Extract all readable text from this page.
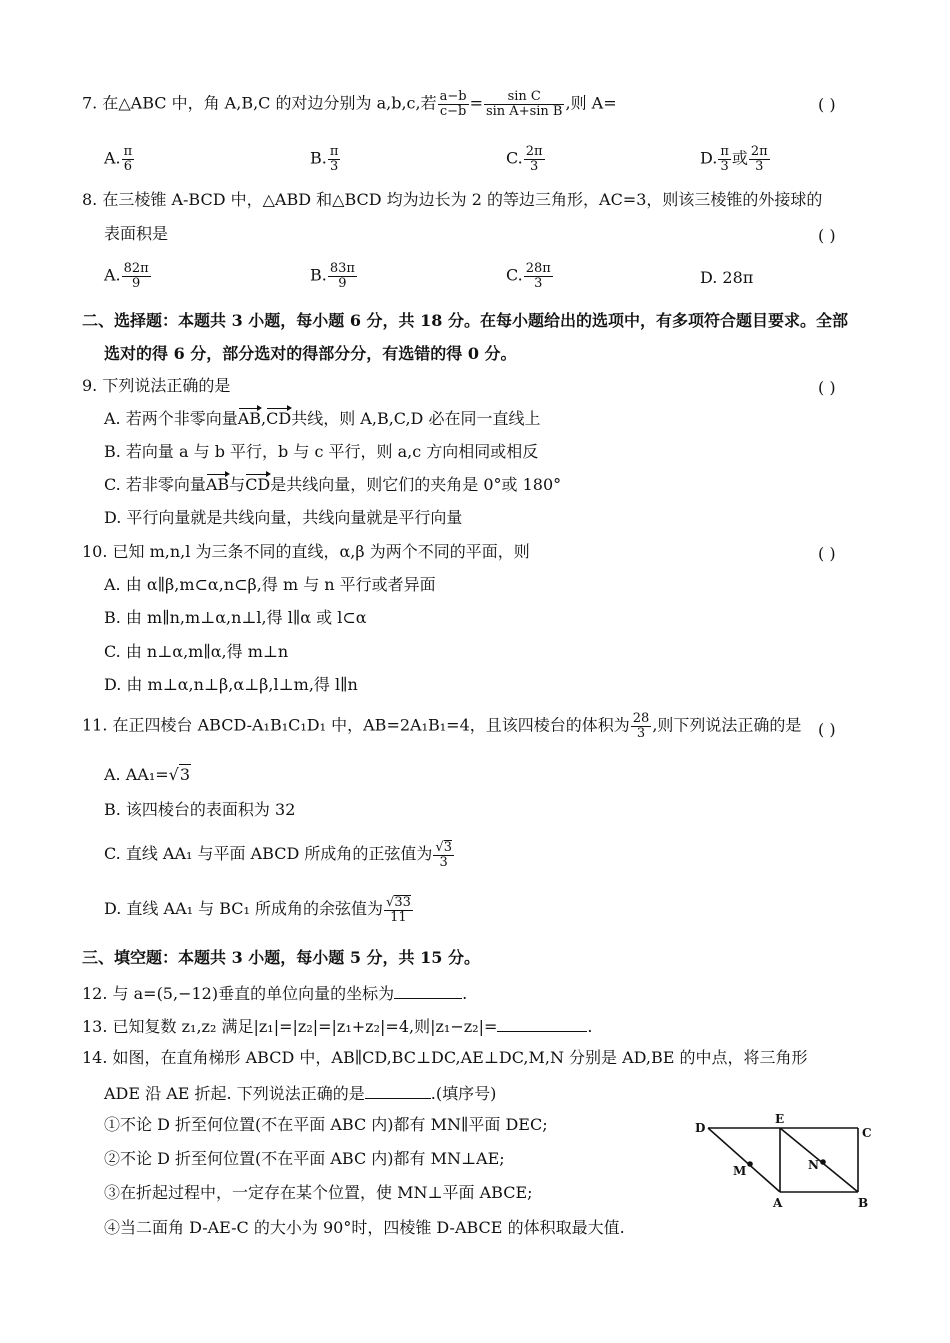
7. 在△ABC 中，角 A,B,C 的对边分别为 a,b,c,若 $\frac{a-b}{c-b} = \frac{\text{sin C}}{\text{sin A+sin B}}$ ,则 A=	( )
A. $\frac{\pi}{6}$	B. $\frac{\pi}{3}$	C. $\frac{2\pi}{3}$	D. $\frac{\pi}{3}$ 或 $\frac{2\pi}{3}$
8. 在三棱锥 A-BCD 中，△ABD 和△BCD 均为边长为 2 的等边三角形，AC=3，则该三棱锥的外接球的
表面积是	( )
A. $\frac{82\pi}{9}$	B. $\frac{83\pi}{9}$	C. $\frac{28\pi}{3}$	D. 28π
二、选择题：本题共 3 小题，每小题 6 分，共 18 分。在每小题给出的选项中，有多项符合题目要求。全部
选对的得 6 分，部分选对的得部分分，有选错的得 0 分。
9. 下列说法正确的是	( )
A. 若两个非零向量AB,CD共线，则 A,B,C,D 必在同一直线上
B. 若向量 a 与 b 平行，b 与 c 平行，则 a,c 方向相同或相反
C. 若非零向量AB与CD是共线向量，则它们的夹角是 0°或 180°
D. 平行向量就是共线向量，共线向量就是平行向量
10. 已知 m,n,l 为三条不同的直线，α,β 为两个不同的平面，则	( )
A. 由 α∥β,m⊂α,n⊂β,得 m 与 n 平行或者异面
B. 由 m∥n,m⊥α,n⊥l,得 l∥α 或 l⊂α
C. 由 n⊥α,m∥α,得 m⊥n
D. 由 m⊥α,n⊥β,α⊥β,l⊥m,得 l∥n
11. 在正四棱台 ABCD-A₁B₁C₁D₁ 中，AB=2A₁B₁=4，且该四棱台的体积为 $\frac{28}{3}$ ,则下列说法正确的是 ( )
A. AA₁=√3
B. 该四棱台的表面积为 32
C. 直线 AA₁ 与平面 ABCD 所成角的正弦值为 $\frac{√3}{3}$
D. 直线 AA₁ 与 BC₁ 所成角的余弦值为 $\frac{√33}{11}$
三、填空题：本题共 3 小题，每小题 5 分，共 15 分。
12. 与 a=(5,−12)垂直的单位向量的坐标为	.
13. 已知复数 z₁,z₂ 满足|z₁|=|z₂|=|z₁+z₂|=4,则|z₁−z₂|=	.
14. 如图，在直角梯形 ABCD 中，AB∥CD,BC⊥DC,AE⊥DC,M,N 分别是 AD,BE 的中点，将三角形
ADE 沿 AE 折起. 下列说法正确的是	.(填序号)
①不论 D 折至何位置(不在平面 ABC 内)都有 MN∥平面 DEC;
②不论 D 折至何位置(不在平面 ABC 内)都有 MN⊥AE;
③在折起过程中，一定存在某个位置，使 MN⊥平面 ABCE;
④当二面角 D-AE-C 的大小为 90°时，四棱锥 D-ABCE 的体积取最大值.
D
E
C
M	N
A	B
